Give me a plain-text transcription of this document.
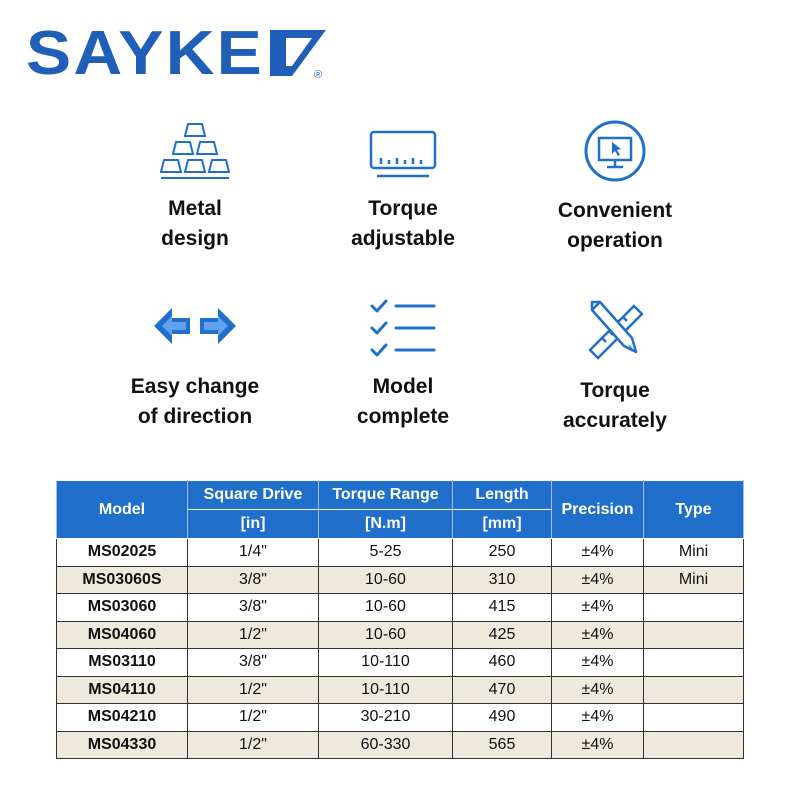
SAYKE	®
Metal
design
Torque
adjustable
Convenient
operation
Easy change
of direction
Model
complete
Torque
accurately
Model	Square Drive	Torque Range	Length	Precision	Type
	[in]	[N.m]	[mm]		
MS02025	1/4"	5-25	250	±4%	Mini
MS03060S	3/8"	10-60	310	±4%	Mini
MS03060	3/8"	10-60	415	±4%	
MS04060	1/2"	10-60	425	±4%	
MS03110	3/8"	10-110	460	±4%	
MS04110	1/2"	10-110	470	±4%	
MS04210	1/2"	30-210	490	±4%	
MS04330	1/2"	60-330	565	±4%	
